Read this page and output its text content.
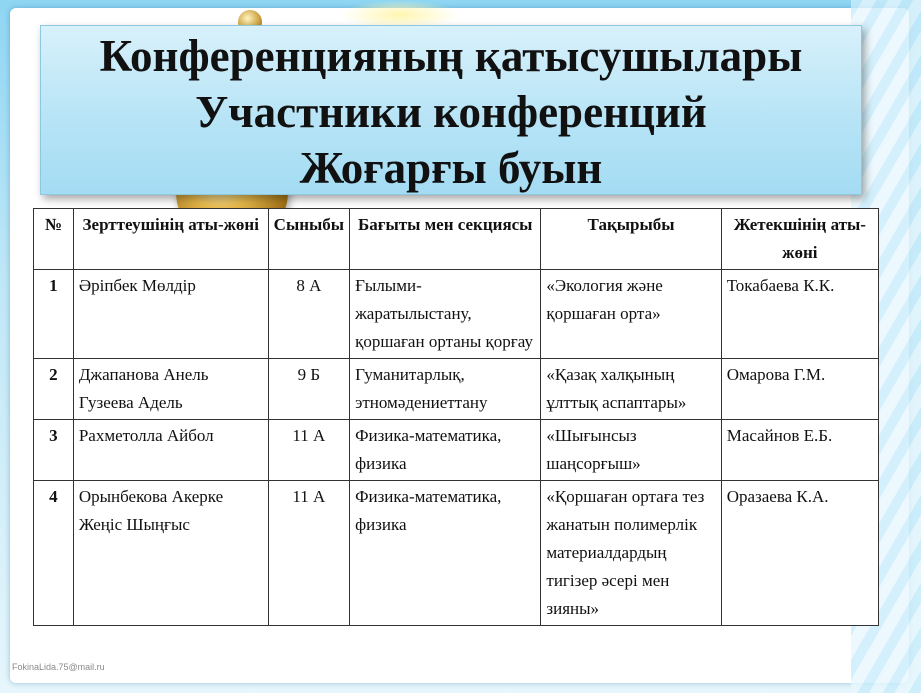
Конференцияның қатысушылары
Участники конференций
Жоғарғы буын
№	Зерттеушінің аты-жөні	Сыныбы	Бағыты мен секциясы	Тақырыбы	Жетекшінің аты-жөні
1	Әріпбек Мөлдір	8 А	Ғылыми-жаратылыстану, қоршаған ортаны қорғау	«Экология және қоршаған орта»	Токабаева К.К.
2	Джапанова Анель Гузеева Адель	9 Б	Гуманитарлық, этномәдениеттану	«Қазақ халқының ұлттық аспаптары»	Омарова Г.М.
3	Рахметолла Айбол	11 А	Физика-математика, физика	«Шығынсыз шаңсорғыш»	Масайнов Е.Б.
4	Орынбекова Акерке Жеңіс Шыңғыс	11 А	Физика-математика, физика	«Қоршаған ортаға тез жанатын полимерлік материалдардың тигізер әсері мен зияны»	Оразаева К.А.
FokinaLida.75@mail.ru
